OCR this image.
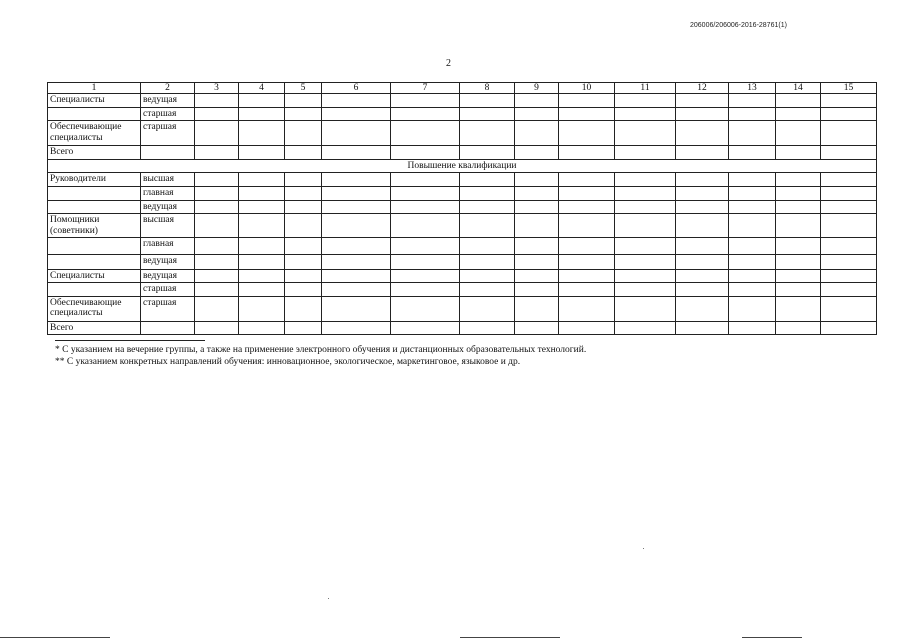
206006/206006-2016-28761(1)
2
1	2	3	4	5	6	7	8	9	10	11	12	13	14	15
Специалисты	ведущая													
	старшая													
Обеспечивающие специалисты	старшая													
Всего														
Повышение квалификации														
Руководители	высшая													
	главная													
	ведущая													
Помощники (советники)	высшая													
	главная													
	ведущая													
Специалисты	ведущая													
	старшая													
Обеспечивающие специалисты	старшая													
Всего														
* С указанием на вечерние группы, а также на применение электронного обучения и дистанционных образовательных технологий.
** С указанием конкретных направлений обучения: инновационное, экологическое, маркетинговое, языковое и др.
